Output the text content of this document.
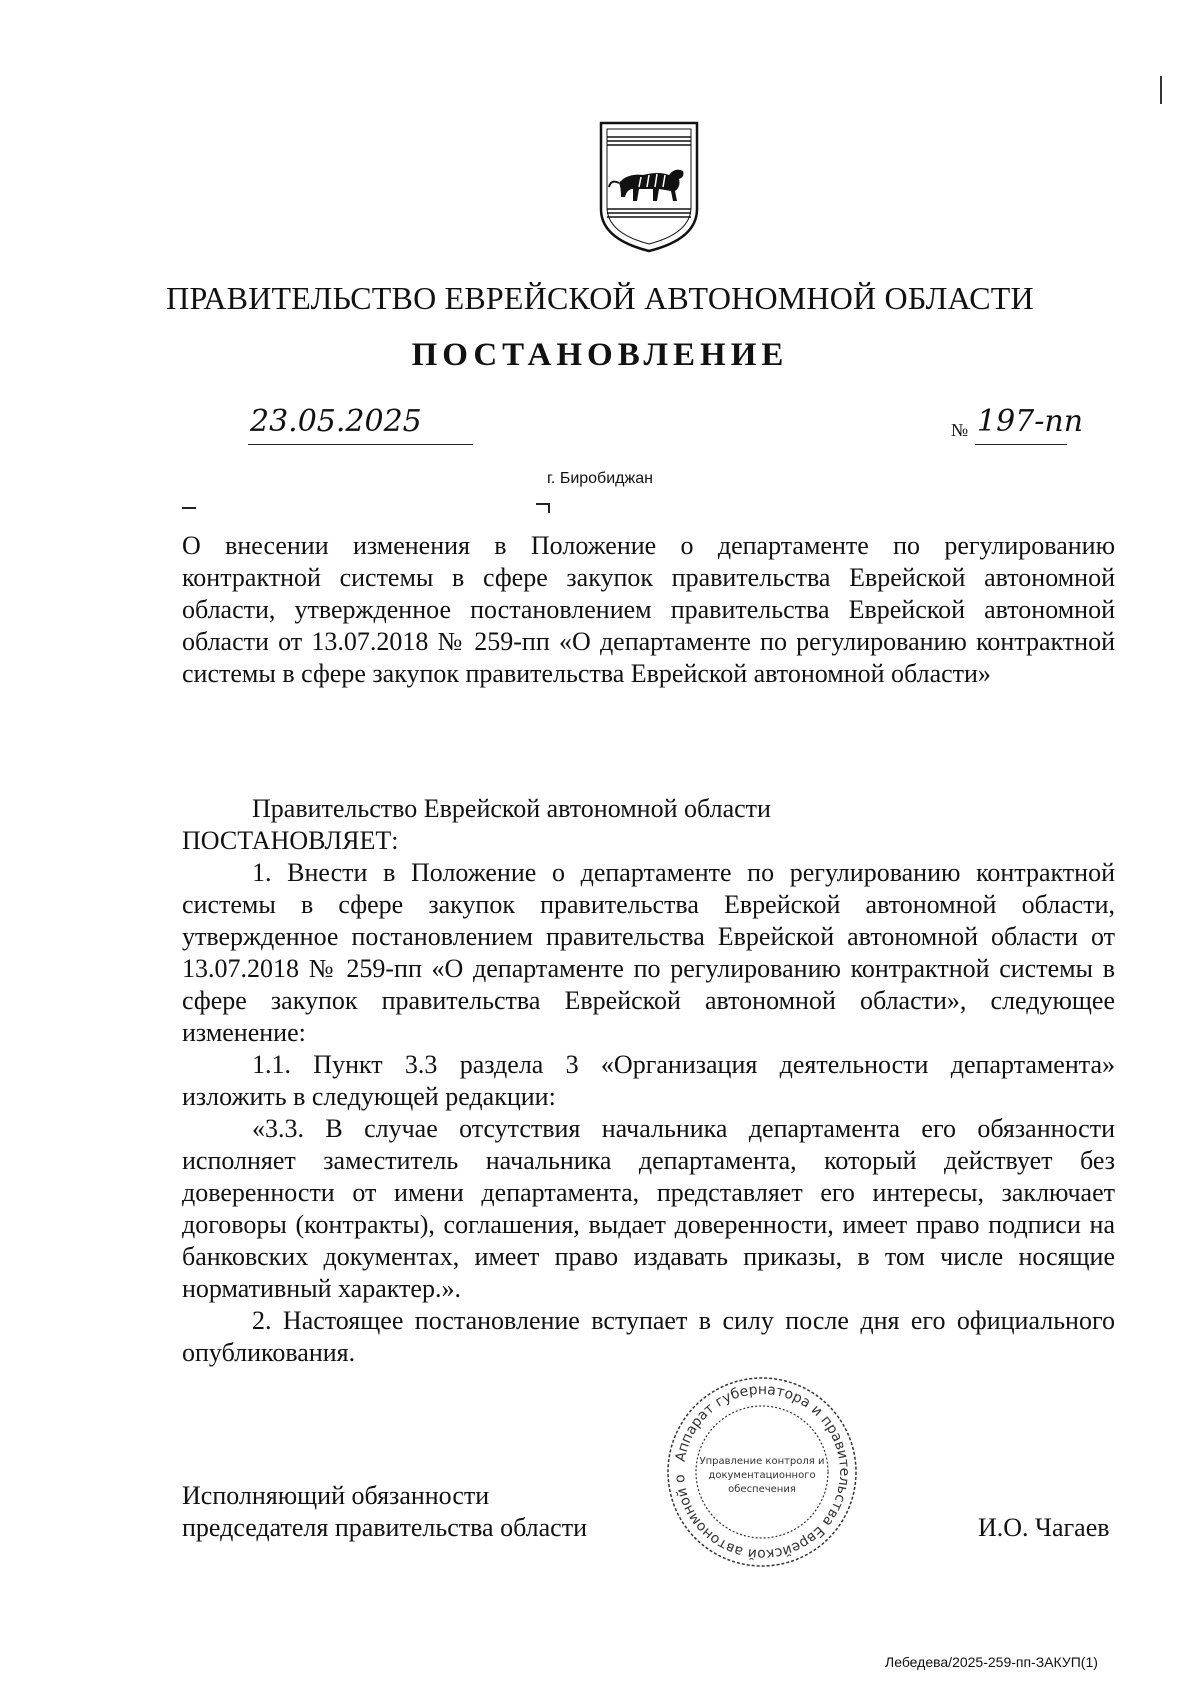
ПРАВИТЕЛЬСТВО ЕВРЕЙСКОЙ АВТОНОМНОЙ ОБЛАСТИ
ПОСТАНОВЛЕНИЕ
23.05.2025	№ 197-пп
г. Биробиджан
О внесении изменения в Положение о департаменте по регулированию контрактной системы в сфере закупок правительства Еврейской автономной области, утвержденное постановлением правительства Еврейской автономной области от 13.07.2018 № 259-пп «О департаменте по регулированию контрактной системы в сфере закупок правительства Еврейской автономной области»
Правительство Еврейской автономной области
ПОСТАНОВЛЯЕТ:
1. Внести в Положение о департаменте по регулированию контрактной системы в сфере закупок правительства Еврейской автономной области, утвержденное постановлением правительства Еврейской автономной области от 13.07.2018 № 259-пп «О департаменте по регулированию контрактной системы в сфере закупок правительства Еврейской автономной области», следующее изменение:
1.1. Пункт 3.3 раздела 3 «Организация деятельности департамента» изложить в следующей редакции:
«3.3. В случае отсутствия начальника департамента его обязанности исполняет заместитель начальника департамента, который действует без доверенности от имени департамента, представляет его интересы, заключает договоры (контракты), соглашения, выдает доверенности, имеет право подписи на банковских документах, имеет право издавать приказы, в том числе носящие нормативный характер.».
2. Настоящее постановление вступает в силу после дня его официального опубликования.
Исполняющий обязанности
председателя правительства области
Аппарат губернатора и правительства Еврейской автономной о
Управление контроля и
документационного
обеспечения
И.О. Чагаев
Лебедева/2025-259-пп-ЗАКУП(1)
